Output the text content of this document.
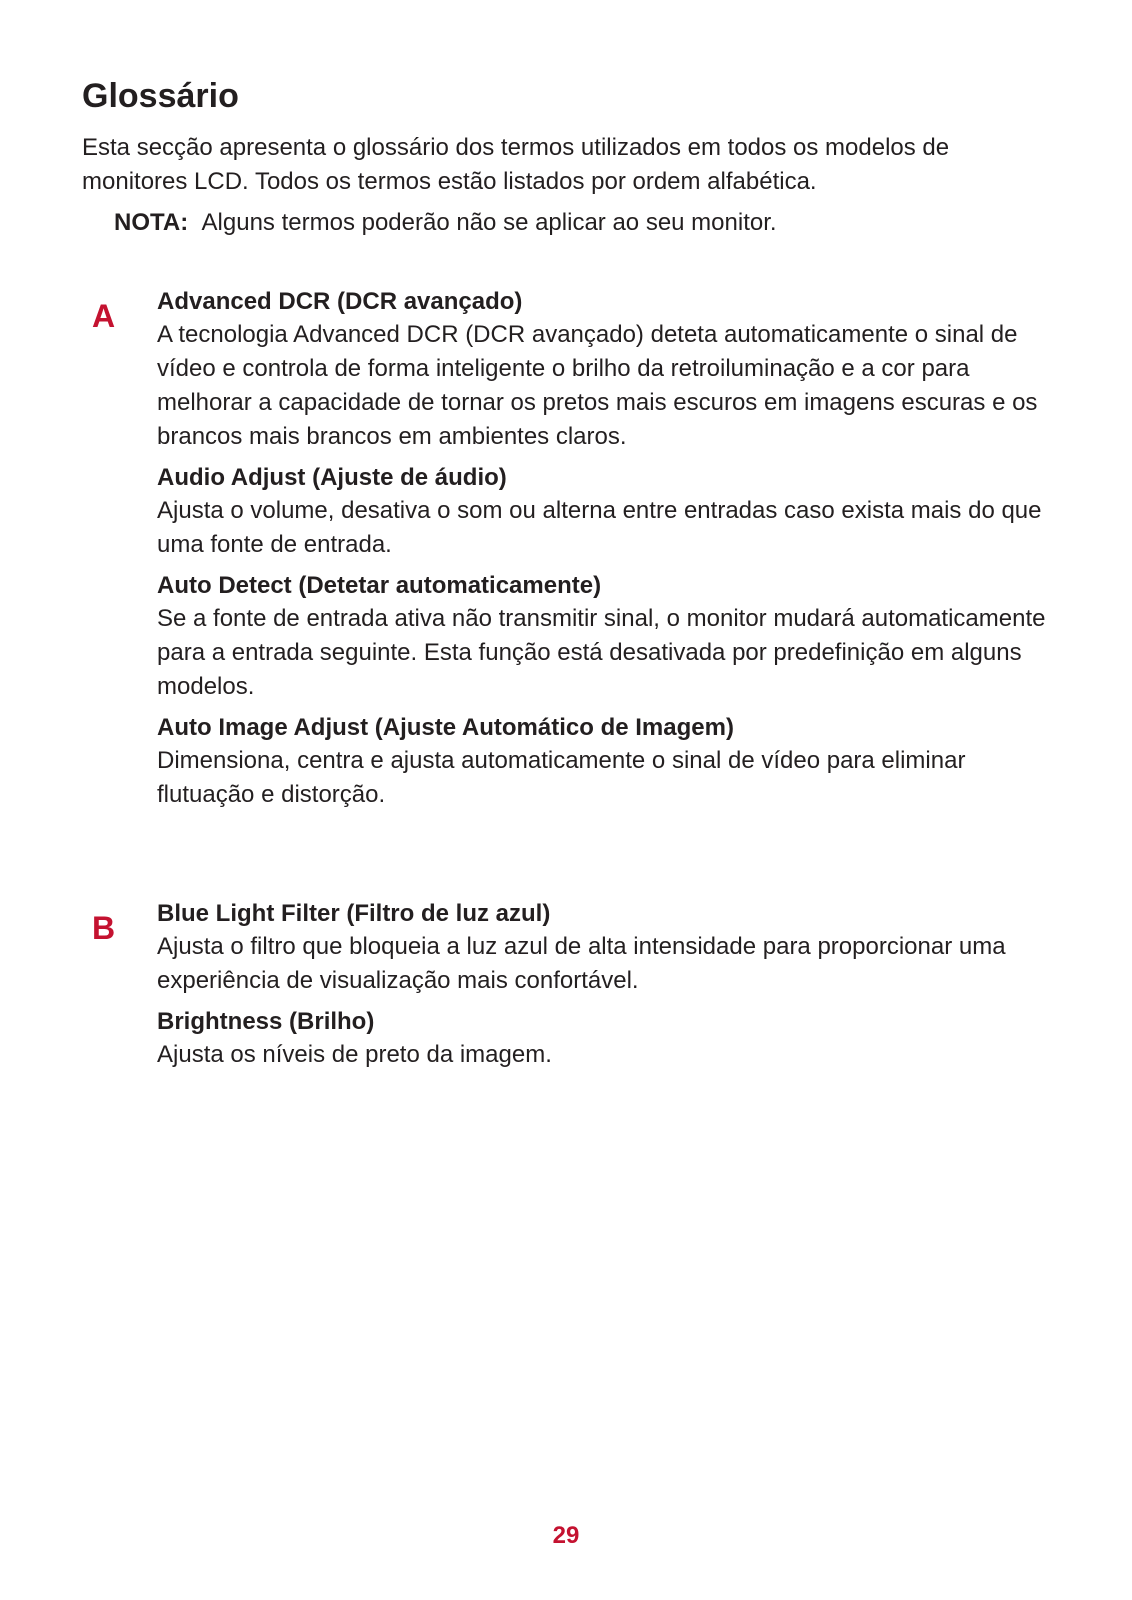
Glossário

Esta secção apresenta o glossário dos termos utilizados em todos os modelos de monitores LCD. Todos os termos estão listados por ordem alfabética.

NOTA: Alguns termos poderão não se aplicar ao seu monitor.

A Advanced DCR (DCR avançado)

A tecnologia Advanced DCR (DCR avançado) deteta automaticamente o sinal de vídeo e controla de forma inteligente o brilho da retroiluminação e a cor para melhorar a capacidade de tornar os pretos mais escuros em imagens escuras e os brancos mais brancos em ambientes claros.

Audio Adjust (Ajuste de áudio)

Ajusta o volume, desativa o som ou alterna entre entradas caso exista mais do que uma fonte de entrada.

Auto Detect (Detetar automaticamente)

Se a fonte de entrada ativa não transmitir sinal, o monitor mudará automaticamente para a entrada seguinte. Esta função está desativada por predefinição em alguns modelos.

Auto Image Adjust (Ajuste Automático de Imagem)

Dimensiona, centra e ajusta automaticamente o sinal de vídeo para eliminar flutuação e distorção.

B Blue Light Filter (Filtro de luz azul)

Ajusta o filtro que bloqueia a luz azul de alta intensidade para proporcionar uma experiência de visualização mais confortável.

Brightness (Brilho)

Ajusta os níveis de preto da imagem.

29
